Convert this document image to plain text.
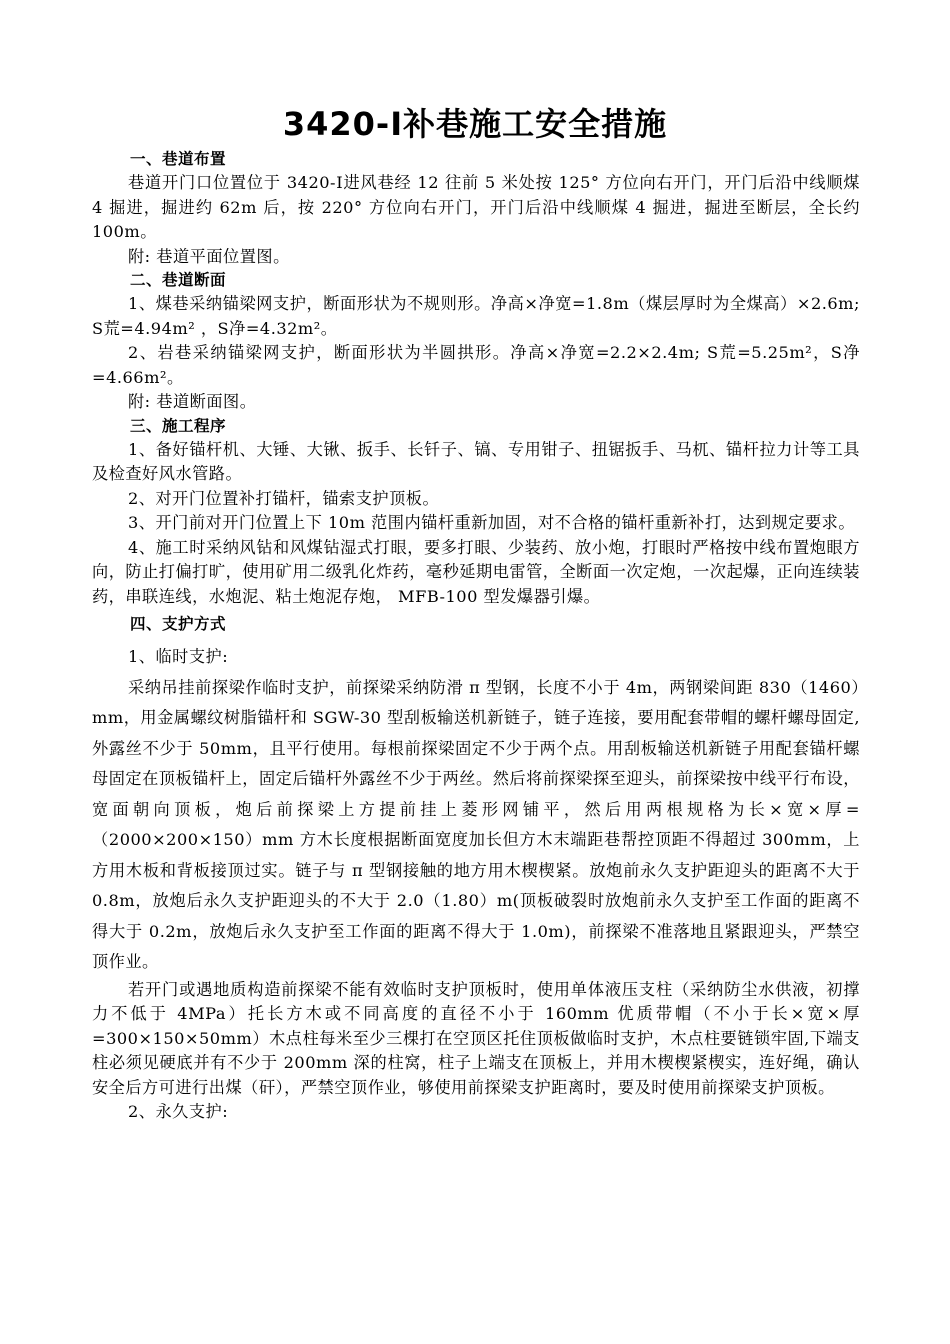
3420-Ⅰ补巷施工安全措施
一、巷道布置
巷道开门口位置位于 3420-Ⅰ进风巷经 12 往前 5 米处按 125° 方位向右开门，开门后沿中线顺煤 4 掘进，掘进约 62m 后，按 220° 方位向右开门，开门后沿中线顺煤 4 掘进，掘进至断层，全长约 100m。
附: 巷道平面位置图。
二、巷道断面
1、煤巷采纳锚梁网支护，断面形状为不规则形。净高×净宽=1.8m（煤层厚时为全煤高）×2.6m; S荒=4.94m² ，S净=4.32m²。
2、岩巷采纳锚梁网支护，断面形状为半圆拱形。净高×净宽=2.2×2.4m; S荒=5.25m²，S净=4.66m²。
附: 巷道断面图。
三、施工程序
1、备好锚杆机、大锤、大锹、扳手、长钎子、镐、专用钳子、扭锯扳手、马杌、锚杆拉力计等工具及检查好风水管路。
2、对开门位置补打锚杆，锚索支护顶板。
3、开门前对开门位置上下 10m 范围内锚杆重新加固，对不合格的锚杆重新补打，达到规定要求。
4、施工时采纳风钻和风煤钻湿式打眼，要多打眼、少装药、放小炮，打眼时严格按中线布置炮眼方向，防止打偏打旷，使用矿用二级乳化炸药，毫秒延期电雷管，全断面一次定炮，一次起爆，正向连续装药，串联连线，水炮泥、粘土炮泥存炮， MFB-100 型发爆器引爆。
四、支护方式
1、临时支护:
采纳吊挂前探梁作临时支护，前探梁采纳防滑 π 型钢，长度不小于 4m，两钢梁间距 830（1460）mm，用金属螺纹树脂锚杆和 SGW-30 型刮板输送机新链子，链子连接，要用配套带帽的螺杆螺母固定,外露丝不少于 50mm，且平行使用。每根前探梁固定不少于两个点。用刮板输送机新链子用配套锚杆螺母固定在顶板锚杆上，固定后锚杆外露丝不少于两丝。然后将前探梁探至迎头，前探梁按中线平行布设，宽面朝向顶板，炮后前探梁上方提前挂上菱形网铺平，然后用两根规格为长×宽×厚=（2000×200×150）mm 方木长度根据断面宽度加长但方木末端距巷帮控顶距不得超过 300mm，上方用木板和背板接顶过实。链子与 π 型钢接触的地方用木楔楔紧。放炮前永久支护距迎头的距离不大于 0.8m，放炮后永久支护距迎头的不大于 2.0（1.80）m(顶板破裂时放炮前永久支护至工作面的距离不得大于 0.2m，放炮后永久支护至工作面的距离不得大于 1.0m)，前探梁不准落地且紧跟迎头，严禁空顶作业。
若开门或遇地质构造前探梁不能有效临时支护顶板时，使用单体液压支柱（采纳防尘水供液，初撑力不低于 4MPa）托长方木或不同高度的直径不小于 160mm 优质带帽（不小于长×宽×厚=300×150×50mm）木点柱每米至少三棵打在空顶区托住顶板做临时支护，木点柱要链锁牢固,下端支柱必须见硬底并有不少于 200mm 深的柱窝，柱子上端支在顶板上，并用木楔楔紧楔实，连好绳，确认安全后方可进行出煤（矸），严禁空顶作业，够使用前探梁支护距离时，要及时使用前探梁支护顶板。
2、永久支护:
